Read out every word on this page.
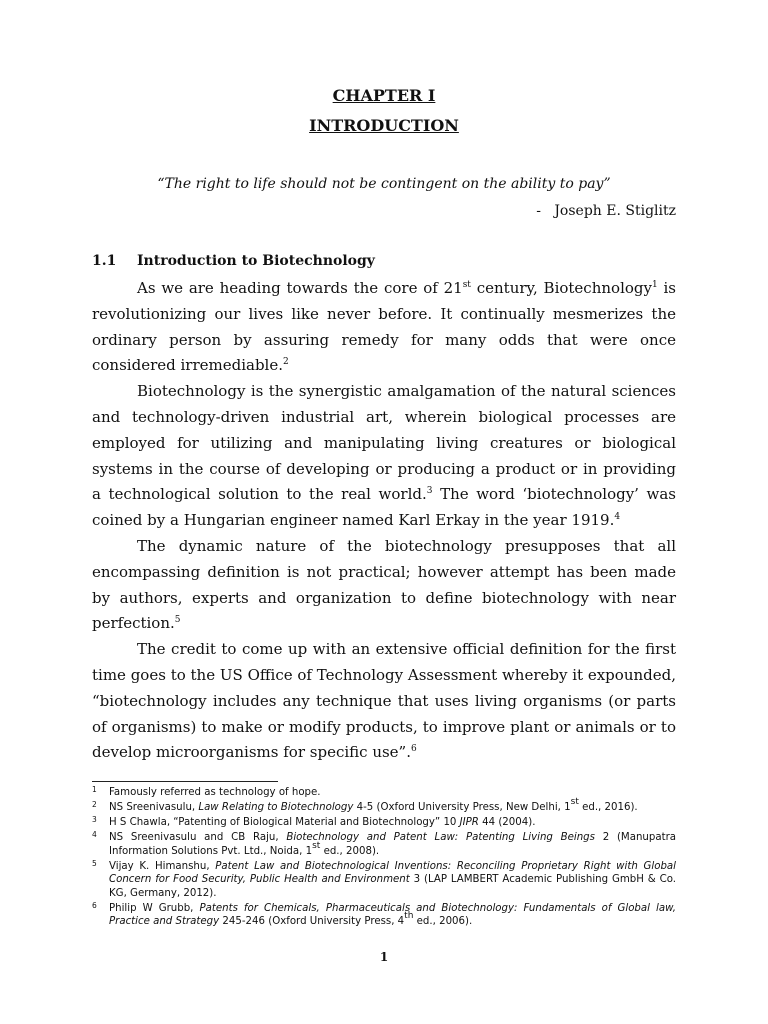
CHAPTER I
INTRODUCTION
“The right to life should not be contingent on the ability to pay”
-   Joseph E. Stiglitz
1.1 Introduction to Biotechnology

As we are heading towards the core of 21st century, Biotechnology$^1$ is revolutionizing our lives like never before. It continually mesmerizes the ordinary person by assuring remedy for many odds that were once considered irremediable.$^2$

Biotechnology is the synergistic amalgamation of the natural sciences and technology-driven industrial art, wherein biological processes are employed for utilizing and manipulating living creatures or biological systems in the course of developing or producing a product or in providing a technological solution to the real world.$^3$ The word ‘biotechnology’ was coined by a Hungarian engineer named Karl Erkay in the year 1919.$^4$

The dynamic nature of the biotechnology presupposes that all encompassing definition is not practical; however attempt has been made by authors, experts and organization to define biotechnology with near perfection.$^5$

The credit to come up with an extensive official definition for the first time goes to the US Office of Technology Assessment whereby it expounded, “biotechnology includes any technique that uses living organisms (or parts of organisms) to make or modify products, to improve plant or animals or to develop microorganisms for specific use”.$^6$

1 Famously referred as technology of hope.
2 NS Sreenivasulu, Law Relating to Biotechnology 4-5 (Oxford University Press, New Delhi, 1st ed., 2016).
3 H S Chawla, “Patenting of Biological Material and Biotechnology” 10 JIPR 44 (2004).
4 NS Sreenivasulu and CB Raju, Biotechnology and Patent Law: Patenting Living Beings 2 (Manupatra Information Solutions Pvt. Ltd., Noida, 1st ed., 2008).
5 Vijay K. Himanshu, Patent Law and Biotechnological Inventions: Reconciling Proprietary Right with Global Concern for Food Security, Public Health and Environment 3 (LAP LAMBERT Academic Publishing GmbH & Co. KG, Germany, 2012).
6 Philip W Grubb, Patents for Chemicals, Pharmaceuticals and Biotechnology: Fundamentals of Global law, Practice and Strategy 245-246 (Oxford University Press, 4th ed., 2006).
1
